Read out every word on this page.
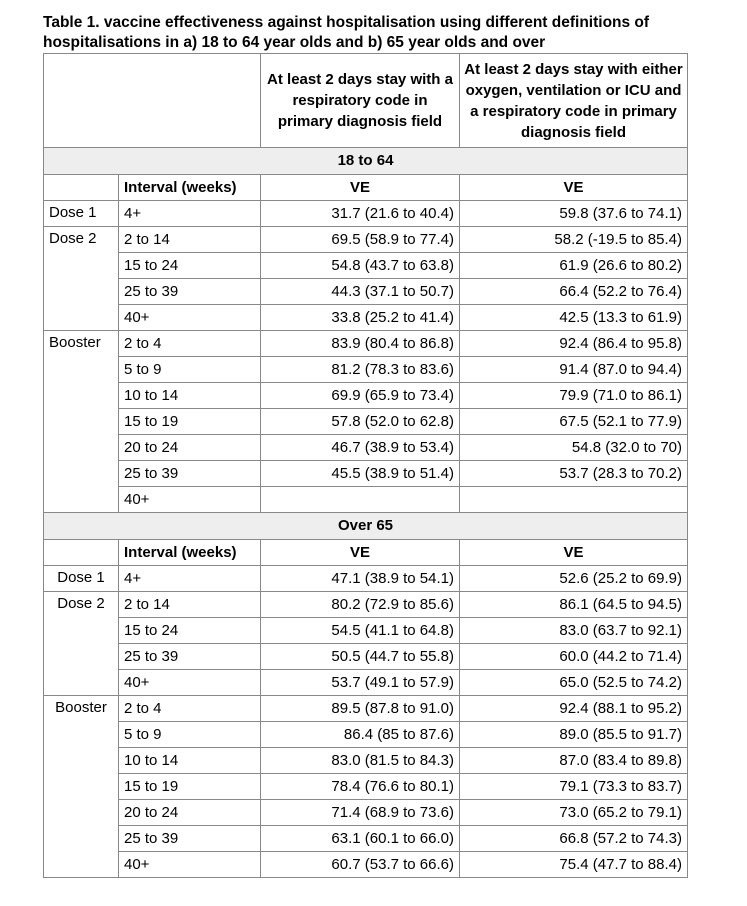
Table 1. vaccine effectiveness against hospitalisation using different definitions of hospitalisations in a) 18 to 64 year olds and b) 65 year olds and over
		At least 2 days stay with a respiratory code in primary diagnosis field	At least 2 days stay with either oxygen, ventilation or ICU and a respiratory code in primary diagnosis field
18 to 64			
	Interval (weeks)	VE	VE
Dose 1	4+	31.7 (21.6 to 40.4)	59.8 (37.6 to 74.1)
Dose 2	2 to 14	69.5 (58.9 to 77.4)	58.2 (-19.5 to 85.4)
	15 to 24	54.8 (43.7 to 63.8)	61.9 (26.6 to 80.2)
	25 to 39	44.3 (37.1 to 50.7)	66.4 (52.2 to 76.4)
	40+	33.8 (25.2 to 41.4)	42.5 (13.3 to 61.9)
Booster	2 to 4	83.9 (80.4 to 86.8)	92.4 (86.4 to 95.8)
	5 to 9	81.2 (78.3 to 83.6)	91.4 (87.0 to 94.4)
	10 to 14	69.9 (65.9 to 73.4)	79.9 (71.0 to 86.1)
	15 to 19	57.8 (52.0 to 62.8)	67.5 (52.1 to 77.9)
	20 to 24	46.7 (38.9 to 53.4)	54.8 (32.0 to 70)
	25 to 39	45.5 (38.9 to 51.4)	53.7 (28.3 to 70.2)
	40+		
Over 65			
	Interval (weeks)	VE	VE
Dose 1	4+	47.1 (38.9 to 54.1)	52.6 (25.2 to 69.9)
Dose 2	2 to 14	80.2 (72.9 to 85.6)	86.1 (64.5 to 94.5)
	15 to 24	54.5 (41.1 to 64.8)	83.0 (63.7 to 92.1)
	25 to 39	50.5 (44.7 to 55.8)	60.0 (44.2 to 71.4)
	40+	53.7 (49.1 to 57.9)	65.0 (52.5 to 74.2)
Booster	2 to 4	89.5 (87.8 to 91.0)	92.4 (88.1 to 95.2)
	5 to 9	86.4 (85 to 87.6)	89.0 (85.5 to 91.7)
	10 to 14	83.0 (81.5 to 84.3)	87.0 (83.4 to 89.8)
	15 to 19	78.4 (76.6 to 80.1)	79.1 (73.3 to 83.7)
	20 to 24	71.4 (68.9 to 73.6)	73.0 (65.2 to 79.1)
	25 to 39	63.1 (60.1 to 66.0)	66.8 (57.2 to 74.3)
	40+	60.7 (53.7 to 66.6)	75.4 (47.7 to 88.4)
